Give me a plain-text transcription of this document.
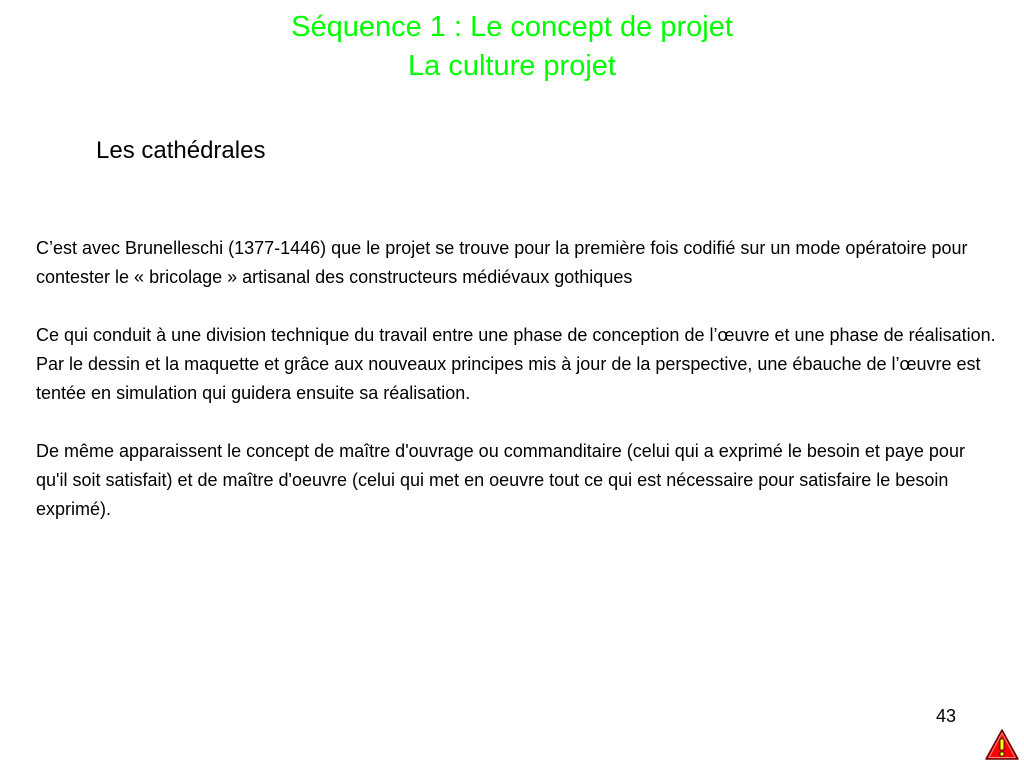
Séquence 1 : Le concept de projet
La culture projet
Les cathédrales

C’est avec Brunelleschi (1377-1446) que le projet se trouve pour la première fois codifié sur un mode opératoire pour contester le « bricolage » artisanal des constructeurs médiévaux gothiques

Ce qui conduit à une division technique du travail entre une phase de conception de l’œuvre et une phase de réalisation.

Par le dessin et la maquette et grâce aux nouveaux principes mis à jour de la perspective, une ébauche de l’œuvre est tentée en simulation qui guidera ensuite sa réalisation.

De même apparaissent le concept de maître d'ouvrage ou commanditaire (celui qui a exprimé le besoin et paye pour qu'il soit satisfait) et de maître d'oeuvre (celui qui met en oeuvre tout ce qui est nécessaire pour satisfaire le besoin exprimé).

43
